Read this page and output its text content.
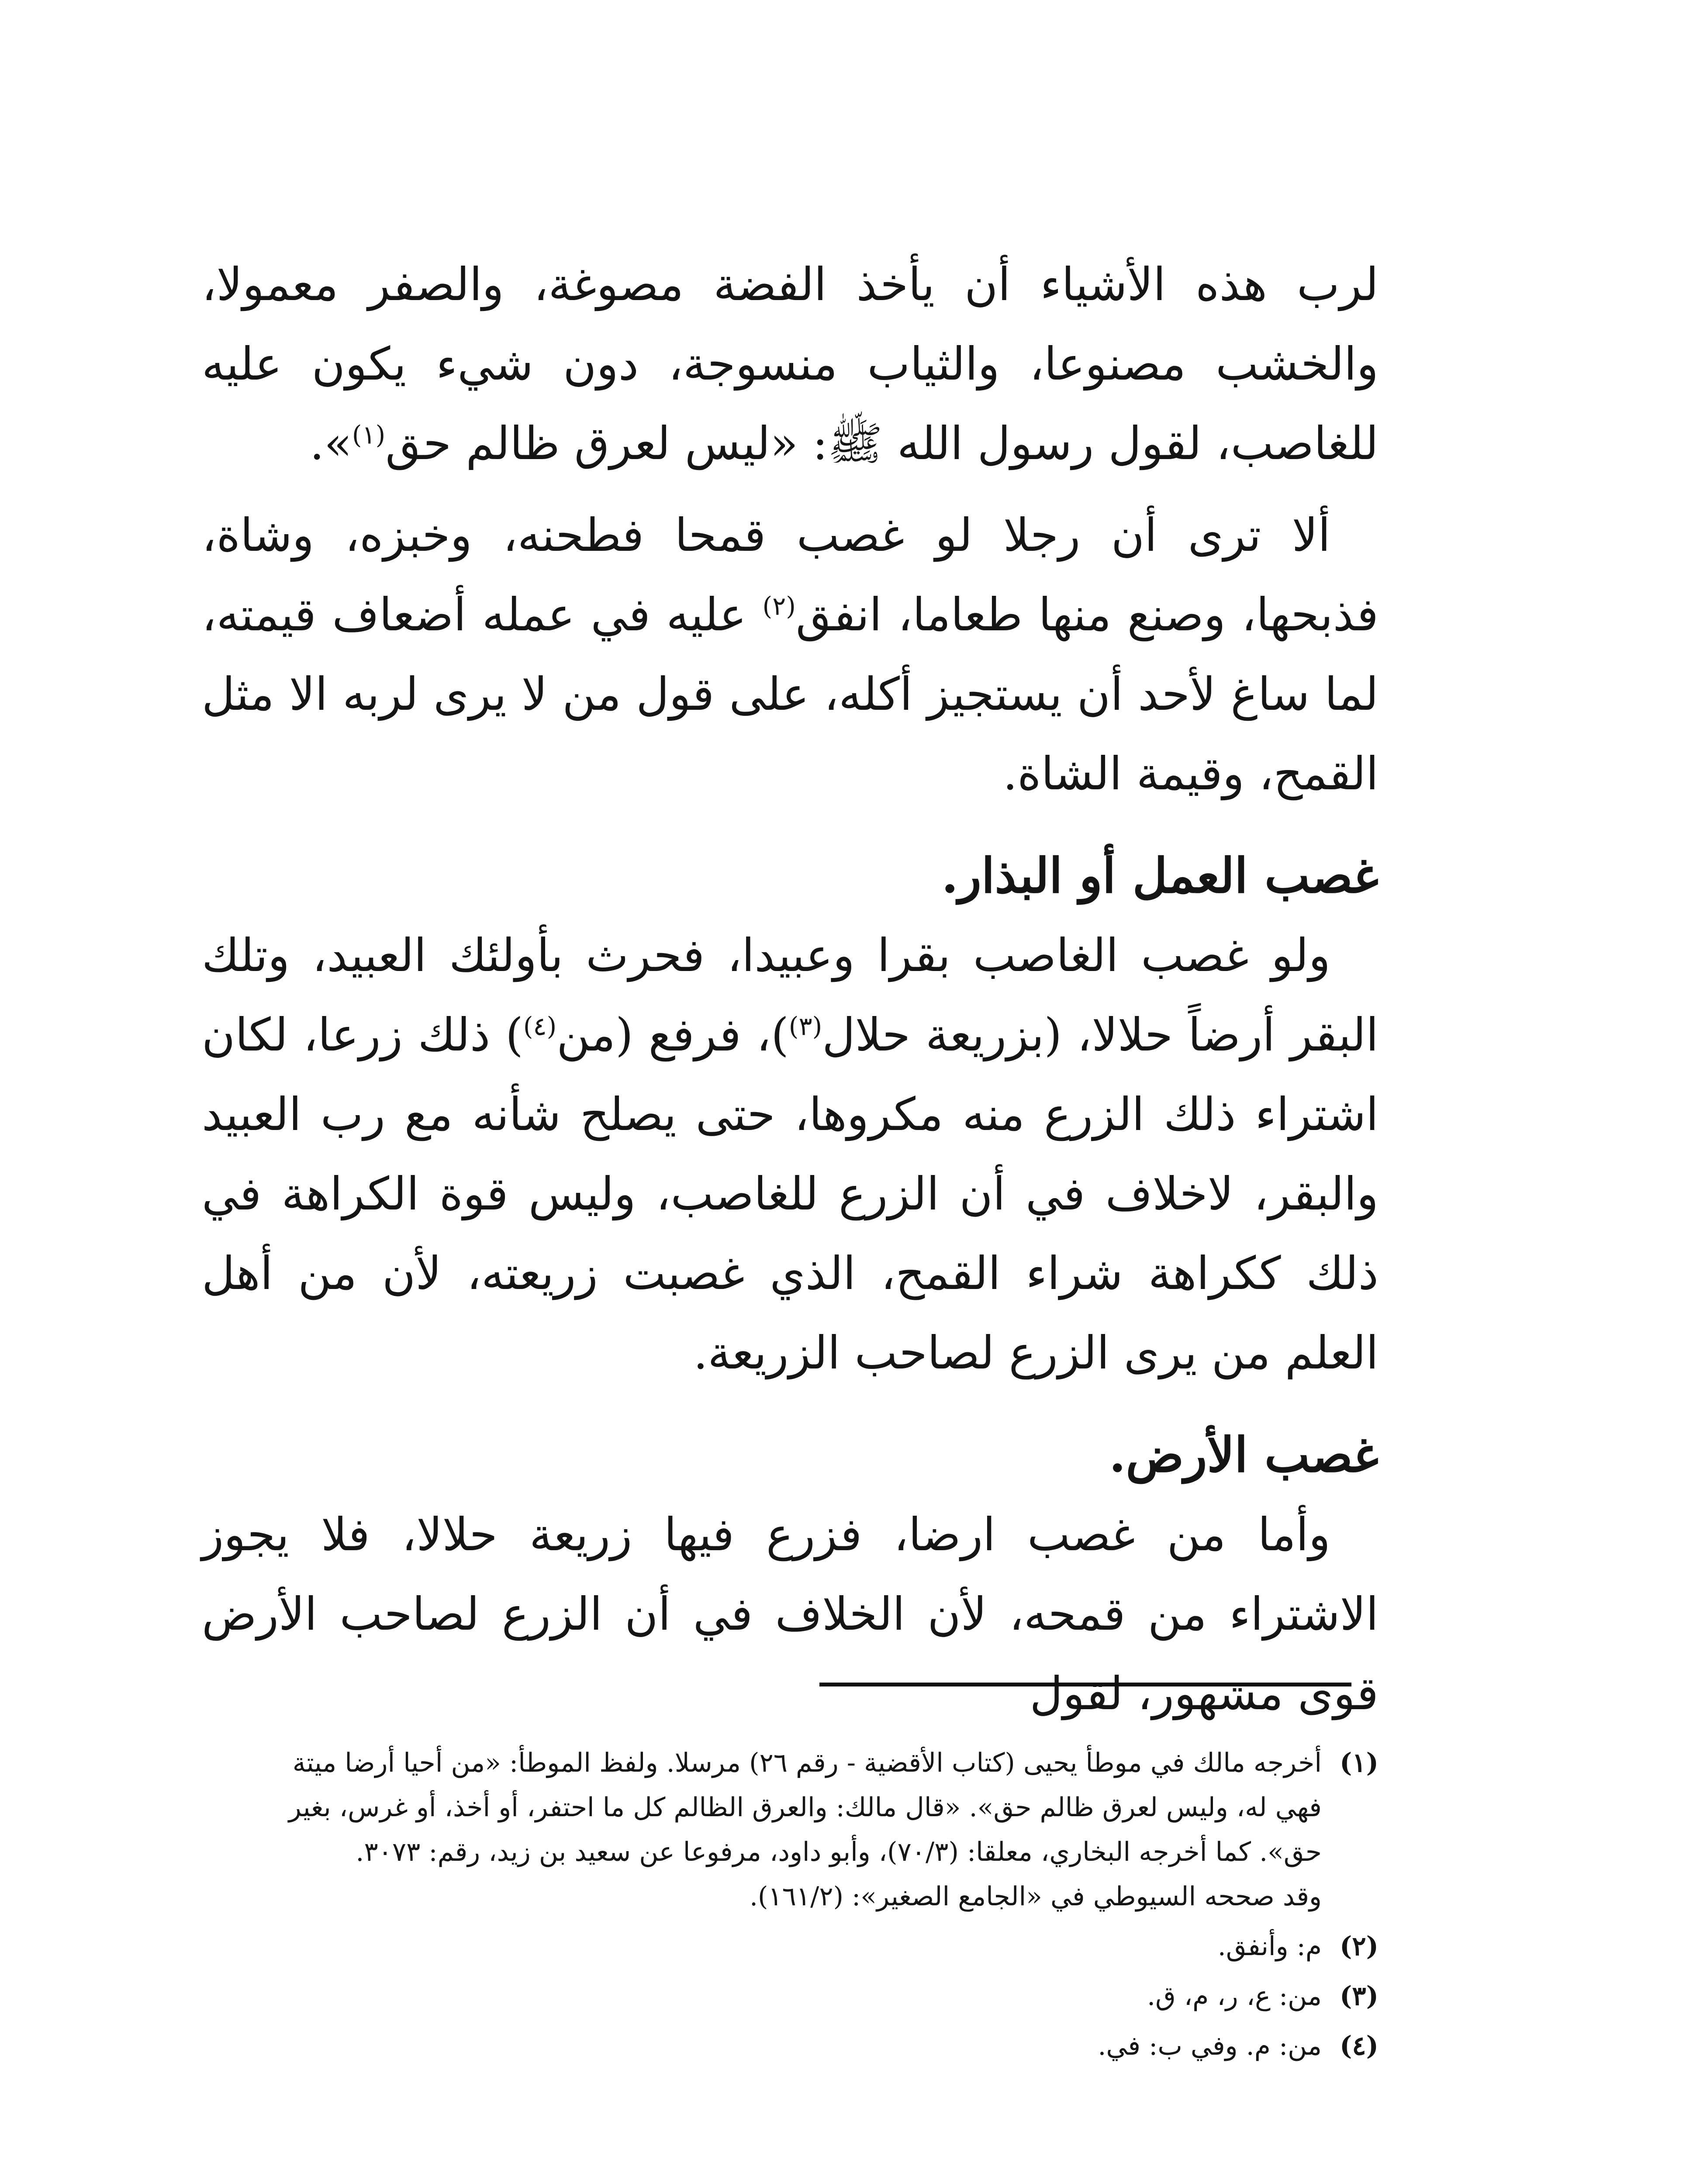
لرب هذه الأشياء أن يأخذ الفضة مصوغة، والصفر معمولا، والخشب مصنوعا، والثياب منسوجة، دون شيء يكون عليه للغاصب، لقول رسول الله ﷺ: «ليس لعرق ظالم حق$^{(١)}$».

ألا ترى أن رجلا لو غصب قمحا فطحنه، وخبزه، وشاة، فذبحها، وصنع منها طعاما، انفق$^{(٢)}$ عليه في عمله أضعاف قيمته، لما ساغ لأحد أن يستجيز أكله، على قول من لا يرى لربه الا مثل القمح، وقيمة الشاة.

غصب العمل أو البذار.

ولو غصب الغاصب بقرا وعبيدا، فحرث بأولئك العبيد، وتلك البقر أرضاً حلالا، (بزريعة حلال$^{(٣)}$)، فرفع (من$^{(٤)}$) ذلك زرعا، لكان اشتراء ذلك الزرع منه مكروها، حتى يصلح شأنه مع رب العبيد والبقر، لاخلاف في أن الزرع للغاصب، وليس قوة الكراهة في ذلك ككراهة شراء القمح، الذي غصبت زريعته، لأن من أهل العلم من يرى الزرع لصاحب الزريعة.

غصب الأرض.

وأما من غصب ارضا، فزرع فيها زريعة حلالا، فلا يجوز الاشتراء من قمحه، لأن الخلاف في أن الزرع لصاحب الأرض قوى مشهور، لقول

(١)
أخرجه مالك في موطأ يحيى (كتاب الأقضية - رقم ٢٦) مرسلا. ولفظ الموطأ: «من أحيا أرضا ميتة
فهي له، وليس لعرق ظالم حق». «قال مالك: والعرق الظالم كل ما احتفر، أو أخذ، أو غرس، بغير
حق». كما أخرجه البخاري، معلقا: (٧٠/٣)، وأبو داود، مرفوعا عن سعيد بن زيد، رقم: ٣٠٧٣.
وقد صححه السيوطي في «الجامع الصغير»: (١٦١/٢).
(٢)
م: وأنفق.
(٣)
من: ع، ر، م، ق.
(٤)
من: م. وفي ب: في.
